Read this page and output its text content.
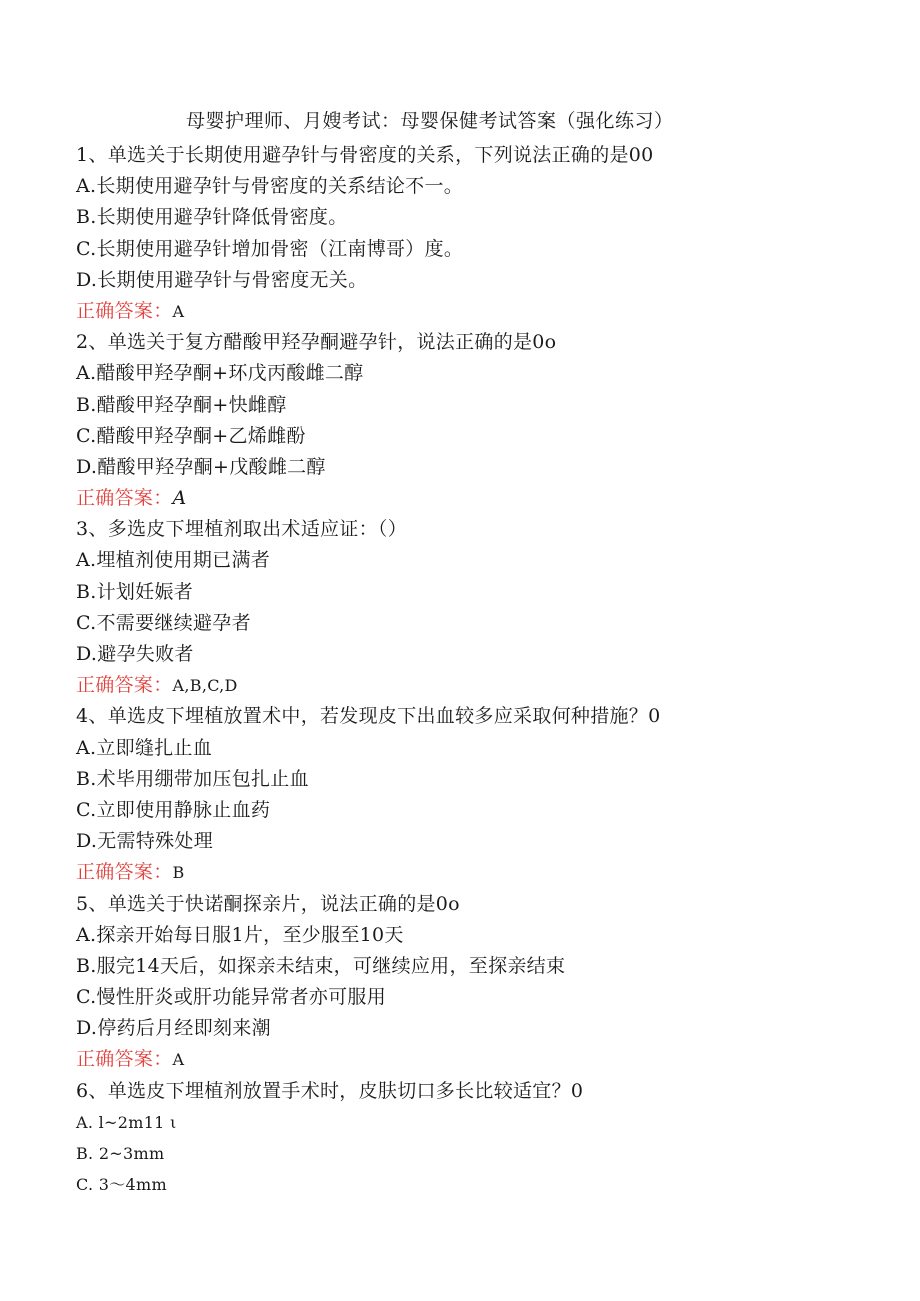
母婴护理师、月嫂考试：母婴保健考试答案（强化练习）
1、单选关于长期使用避孕针与骨密度的关系，下列说法正确的是00
A.长期使用避孕针与骨密度的关系结论不一。
B.长期使用避孕针降低骨密度。
C.长期使用避孕针增加骨密（江南博哥）度。
D.长期使用避孕针与骨密度无关。
正确答案：A
2、单选关于复方醋酸甲羟孕酮避孕针，说法正确的是0o
A.醋酸甲羟孕酮+环戊丙酸雌二醇
B.醋酸甲羟孕酮+快雌醇
C.醋酸甲羟孕酮+乙烯雌酚
D.醋酸甲羟孕酮+戊酸雌二醇
正确答案：A
3、多选皮下埋植剂取出术适应证：（）
A.埋植剂使用期已满者
B.计划妊娠者
C.不需要继续避孕者
D.避孕失败者
正确答案：A,B,C,D
4、单选皮下埋植放置术中，若发现皮下出血较多应采取何种措施？0
A.立即缝扎止血
B.术毕用绷带加压包扎止血
C.立即使用静脉止血药
D.无需特殊处理
正确答案：B
5、单选关于快诺酮探亲片，说法正确的是0o
A.探亲开始每日服1片，至少服至10天
B.服完14天后，如探亲未结束，可继续应用，至探亲结束
C.慢性肝炎或肝功能异常者亦可服用
D.停药后月经即刻来潮
正确答案：A
6、单选皮下埋植剂放置手术时，皮肤切口多长比较适宜？0
A. l~2m11 ι
B. 2~3mm
C. 3～4mm
